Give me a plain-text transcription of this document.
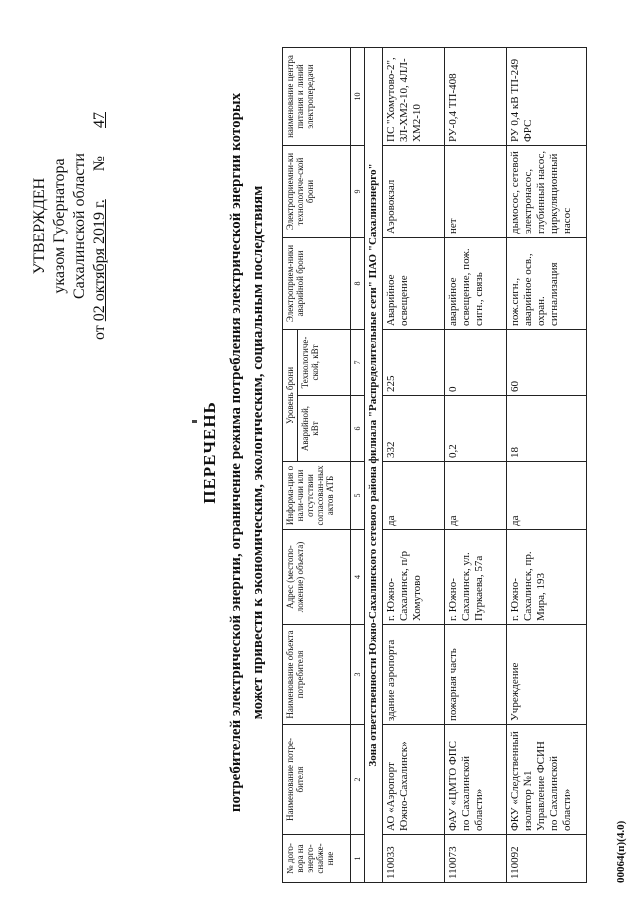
УТВЕРЖДЕН указом Губернатора Сахалинской области
от 02 октября 2019 г.       №       47
ПЕРЕЧЕНЬ потребителей электрической энергии, ограничение режима потребления электрической энергии которых может привести к экономическим, экологическим, социальным последствиям
№ дого-вора на энерго-снабже-ние	Наименование потре-бителя	Наименование объекта потребителя	Адрес (местопо-ложение) объекта)	Информа-ция о нали-чии или отсутствии согласован-ных актов АТБ	Уровень брони		Электроприем-ники аварийной брони	Электроприемни-ки технологиче-ской брони	наименование центра питания и линий электропередачи
					Аварийной, кВт	Технологиче-ской, кВт			
1	2	3	4	5	6	7	8	9	10
Зона ответственности Южно-Сахалинского сетевого района филиала "Распределительные сети" ПАО "Сахалинэнерго"									
110033	АО «Аэропорт Южно-Сахалинск»	здание аэропорта	г. Южно-Сахалинск, п/р Хомутово	да	332	225	Аварийное освещение	Аэровокзал	ПС "Хомутово-2", ЗЛ-ХМ2-10, 4ЛЛ-ХМ2-10
110073	ФАУ «ЦМТО ФПС по Сахалинской области»	пожарная часть	г. Южно-Сахалинск, ул. Пуркаева, 57а	да	0,2	0	аварийное освещение, пож. сигн., связь	нет	РУ-0,4 ТП-408
110092	ФКУ «Следственный изолятор №1 Управление ФСИН по Сахалинской области»	Учреждение	г. Южно-Сахалинск, пр. Мира, 193	да	18	60	пож.сигн., аварийное осв., охран. сигнализация	дымосос, сетевой электронасос, глубинный насос, циркуляционный насос	РУ 0,4 кВ ТП-249 ФРС
00064(п)(4.0)
